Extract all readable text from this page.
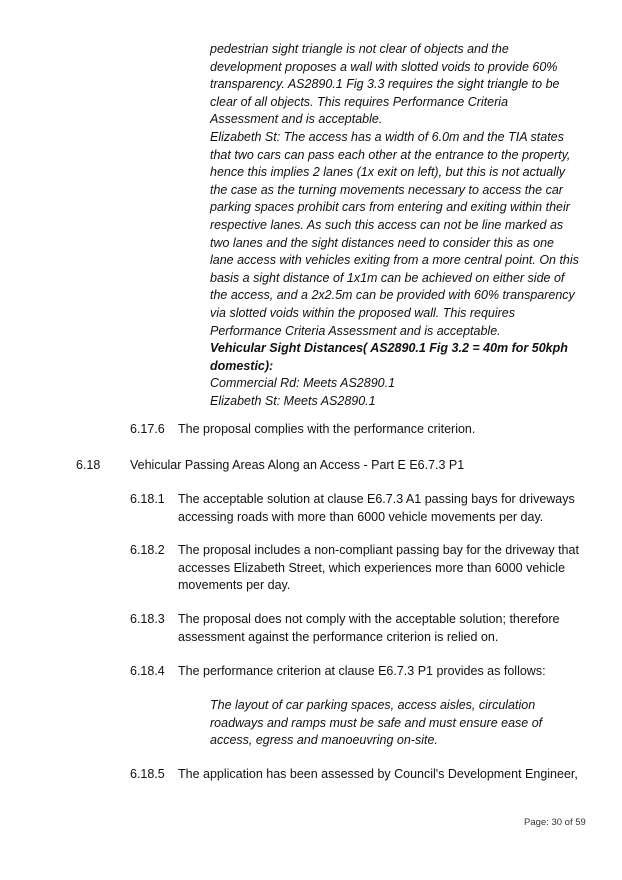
pedestrian sight triangle is not clear of objects and the
development proposes a wall with slotted voids to provide 60%
transparency. AS2890.1 Fig 3.3 requires the sight triangle to be
clear of all objects. This requires Performance Criteria
Assessment and is acceptable.
Elizabeth St: The access has a width of 6.0m and the TIA states
that two cars can pass each other at the entrance to the property,
hence this implies 2 lanes (1x exit on left), but this is not actually
the case as the turning movements necessary to access the car
parking spaces prohibit cars from entering and exiting within their
respective lanes. As such this access can not be line marked as
two lanes and the sight distances need to consider this as one
lane access with vehicles exiting from a more central point. On this
basis a sight distance of 1x1m can be achieved on either side of
the access, and a 2x2.5m can be provided with 60% transparency
via slotted voids within the proposed wall. This requires
Performance Criteria Assessment and is acceptable.
Vehicular Sight Distances( AS2890.1 Fig 3.2 = 40m for 50kph
domestic):
Commercial Rd: Meets AS2890.1
Elizabeth St: Meets AS2890.1
6.17.6 The proposal complies with the performance criterion.
6.18 Vehicular Passing Areas Along an Access - Part E E6.7.3 P1
6.18.1 The acceptable solution at clause E6.7.3 A1 passing bays for driveways
accessing roads with more than 6000 vehicle movements per day.
6.18.2 The proposal includes a non-compliant passing bay for the driveway that
accesses Elizabeth Street, which experiences more than 6000 vehicle
movements per day.
6.18.3 The proposal does not comply with the acceptable solution; therefore
assessment against the performance criterion is relied on.
6.18.4 The performance criterion at clause E6.7.3 P1 provides as follows:
The layout of car parking spaces, access aisles, circulation
roadways and ramps must be safe and must ensure ease of
access, egress and manoeuvring on-site.
6.18.5 The application has been assessed by Council's Development Engineer,
Page: 30 of 59
